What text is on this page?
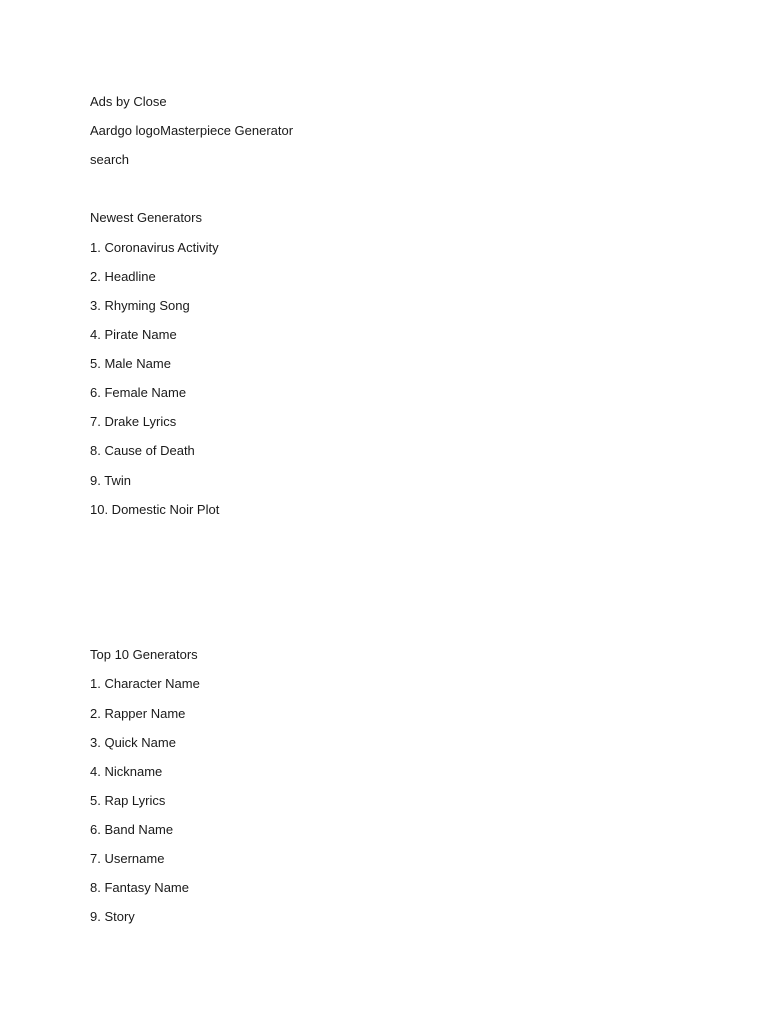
Ads by Close
Aardgo logoMasterpiece Generator
search
Newest Generators
1. Coronavirus Activity
2. Headline
3. Rhyming Song
4. Pirate Name
5. Male Name
6. Female Name
7. Drake Lyrics
8. Cause of Death
9. Twin
10. Domestic Noir Plot
Top 10 Generators
1. Character Name
2. Rapper Name
3. Quick Name
4. Nickname
5. Rap Lyrics
6. Band Name
7. Username
8. Fantasy Name
9. Story
